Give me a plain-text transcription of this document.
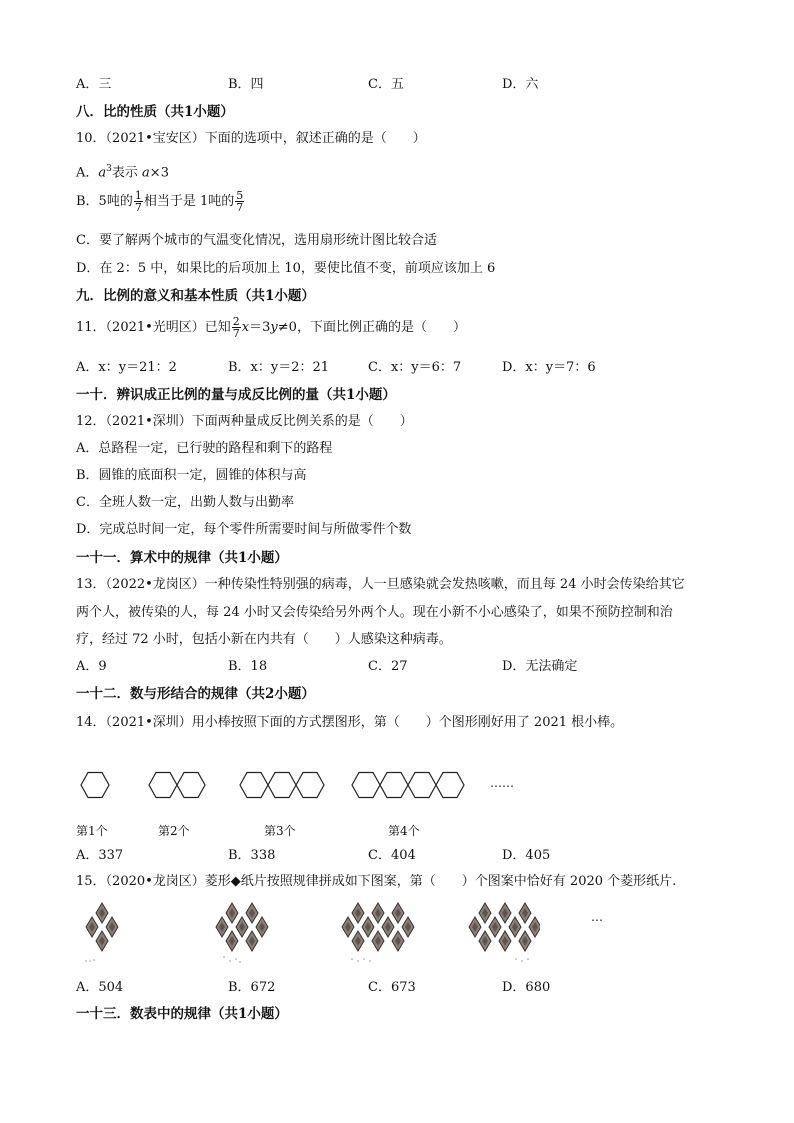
A．三	B．四	C．五	D．六
八．比的性质（共1小题）
10．（2021•宝安区）下面的选项中，叙述正确的是（　　）
A．$a^3$表示 a×3
B．5吨的 $\frac{1}{7}$ 相当于是 1吨的 $\frac{5}{7}$
C．要了解两个城市的气温变化情况，选用扇形统计图比较合适
D．在 2：5 中，如果比的后项加上 10，要使比值不变，前项应该加上 6
九．比例的意义和基本性质（共1小题）
11．（2021•光明区）已知 $\frac{2}{7} x=3y\ne 0$，下面比例正确的是（　　）
A．x：y＝21：2	B．x：y＝2：21	C．x：y＝6：7	D．x：y＝7：6
一十．辨识成正比例的量与成反比例的量（共1小题）
12．（2021•深圳）下面两种量成反比例关系的是（　　）
A．总路程一定，已行驶的路程和剩下的路程
B．圆锥的底面积一定，圆锥的体积与高
C．全班人数一定，出勤人数与出勤率
D．完成总时间一定，每个零件所需要时间与所做零件个数
一十一．算术中的规律（共1小题）
13．（2022•龙岗区）一种传染性特别强的病毒，人一旦感染就会发热咳嗽，而且每 24 小时会传染给其它
两个人，被传染的人，每 24 小时又会传染给另外两个人。现在小新不小心感染了，如果不预防控制和治
疗，经过 72 小时，包括小新在内共有（　　）人感染这种病毒。
A．9	B．18	C．27	D．无法确定
一十二．数与形结合的规律（共2小题）
14．（2021•深圳）用小棒按照下面的方式摆图形，第（　　）个图形刚好用了 2021 根小棒。
……
第1个	第2个	第3个	第4个
A．337	B．338	C．404	D．405
15．（2020•龙岗区）菱形◆纸片按照规律拼成如下图案，第（　　）个图案中恰好有 2020 个菱形纸片.
…
A．504	B．672	C．673	D．680
一十三．数表中的规律（共1小题）
